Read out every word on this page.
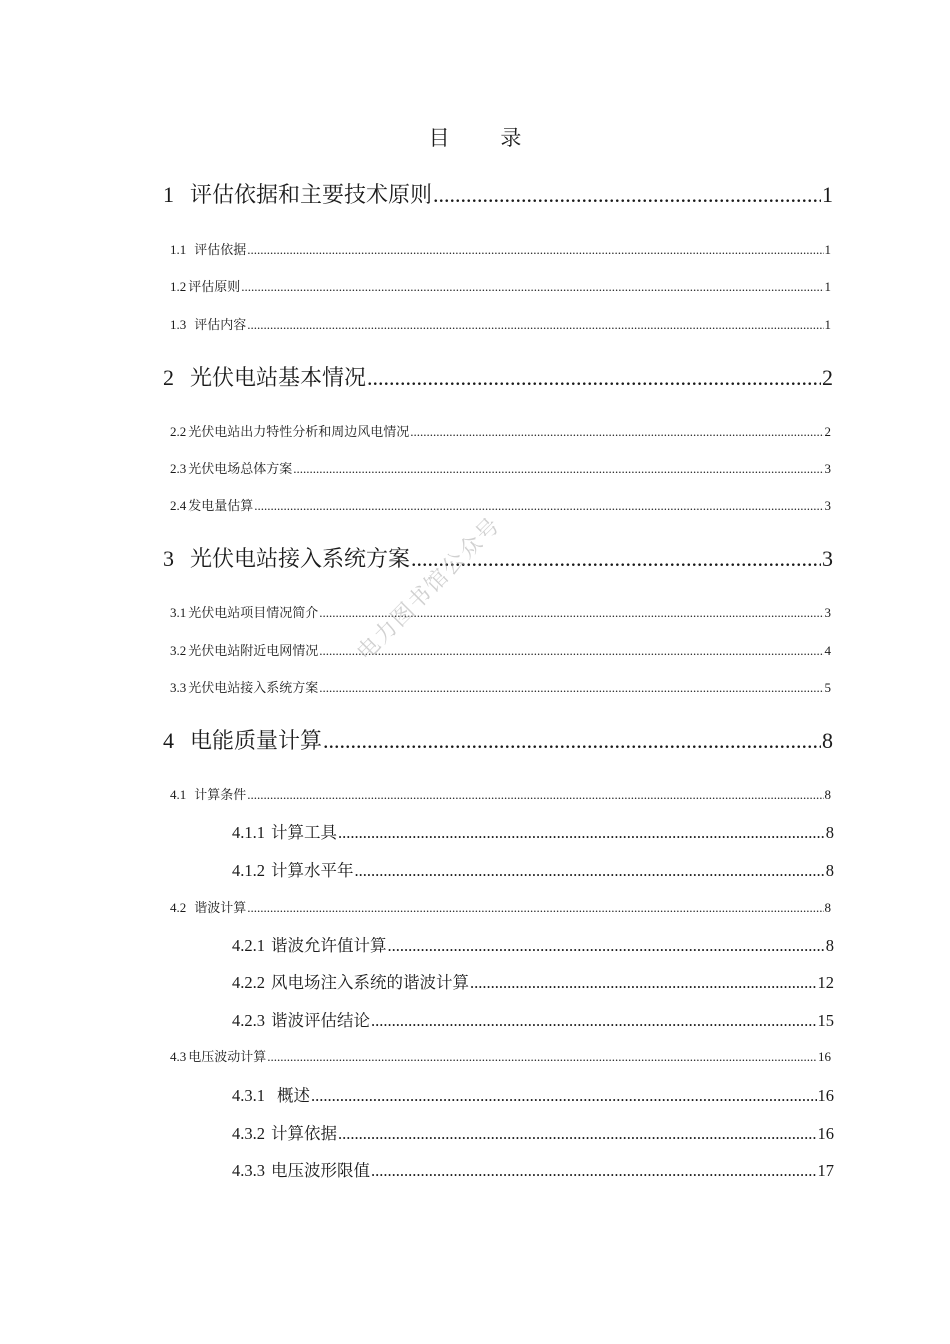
目 录
1 评估依据和主要技术原则 .....	1
1.1 评估依据 .....	1
1.2 评估原则 .....	1
1.3 评估内容 .....	1
2 光伏电站基本情况 .....	2
2.2 光伏电站出力特性分析和周边风电情况 .....	2
2.3 光伏电场总体方案 .....	3
2.4 发电量估算 .....	3
3 光伏电站接入系统方案 .....	3
3.1 光伏电站项目情况简介 .....	3
3.2 光伏电站附近电网情况 .....	4
3.3 光伏电站接入系统方案 .....	5
4 电能质量计算 .....	8
4.1 计算条件 .....	8
4.1.1 计算工具 .....	8
4.1.2 计算水平年 .....	8
4.2 谐波计算 .....	8
4.2.1 谐波允许值计算 .....	8
4.2.2 风电场注入系统的谐波计算 .....	12
4.2.3 谐波评估结论 .....	15
4.3 电压波动计算 .....	16
4.3.1 概述 .....	16
4.3.2 计算依据 .....	16
4.3.3 电压波形限值 .....	17
电力图书馆公众号
